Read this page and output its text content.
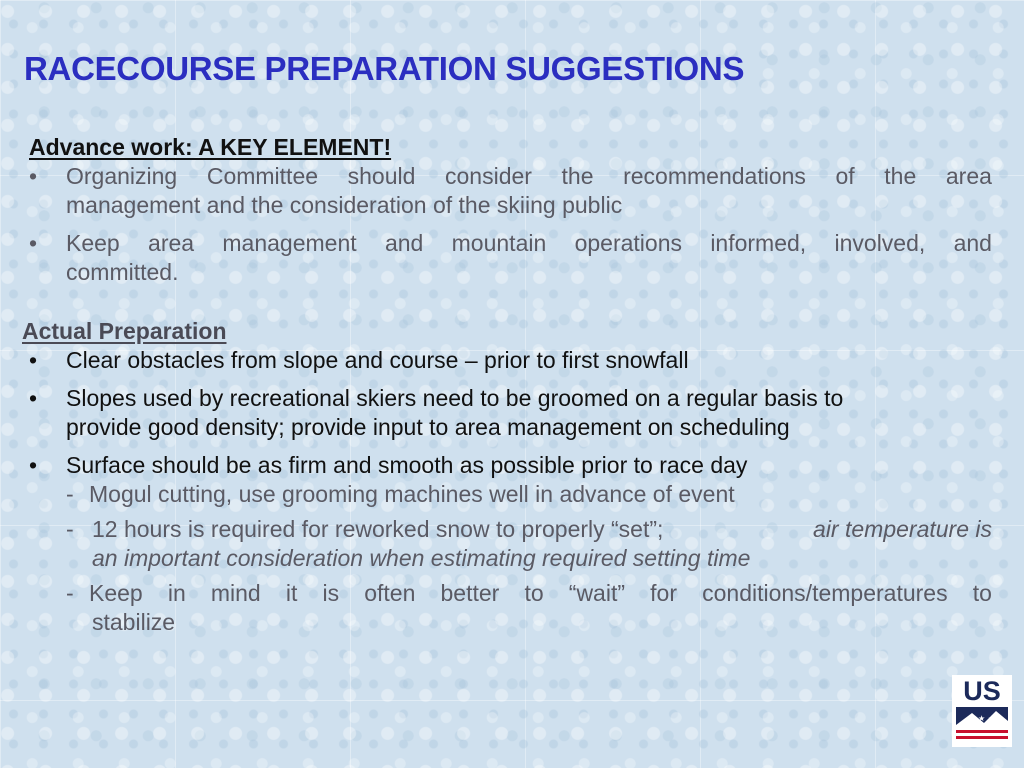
RACECOURSE PREPARATION SUGGESTIONS
Advance work: A KEY ELEMENT!
• Organizing Committee should consider the recommendations of the area
management and the consideration of the skiing public
• Keep area management and mountain operations informed, involved, and
committed.
Actual Preparation
• Clear obstacles from slope and course – prior to first snowfall
• Slopes used by recreational skiers need to be groomed on a regular basis to
provide good density; provide input to area management on scheduling
• Surface should be as firm and smooth as possible prior to race day
- Mogul cutting, use grooming machines well in advance of event
- 12 hours is required for reworked snow to properly “set”;	air temperature is
an important consideration when estimating required setting time
- Keep in mind it is often better to “wait” for conditions/temperatures to
stabilize
US
★ ★ ★
